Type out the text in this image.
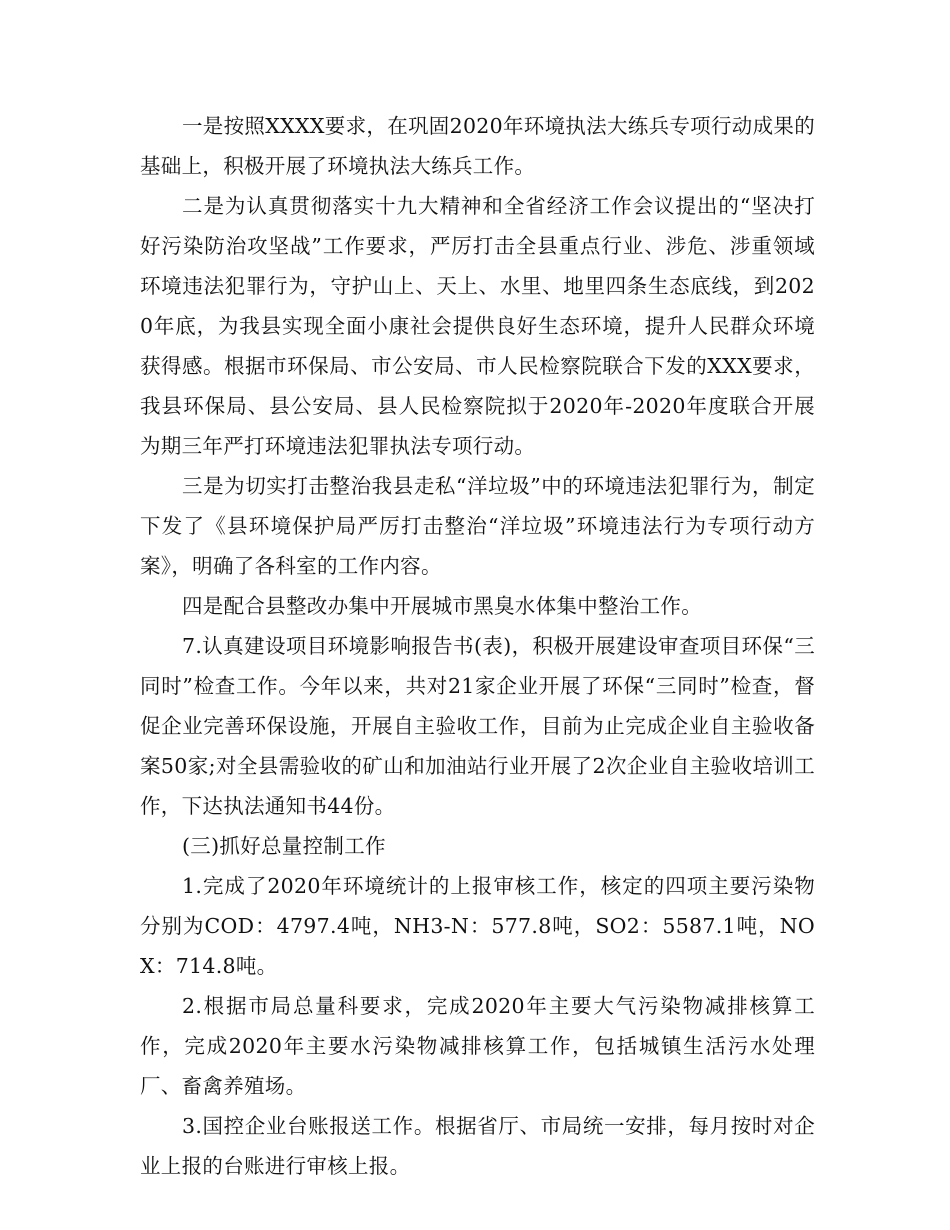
一是按照XXXX要求，在巩固2020年环境执法大练兵专项行动成果的基础上，积极开展了环境执法大练兵工作。

二是为认真贯彻落实十九大精神和全省经济工作会议提出的“坚决打好污染防治攻坚战”工作要求，严厉打击全县重点行业、涉危、涉重领域环境违法犯罪行为，守护山上、天上、水里、地里四条生态底线，到2020年底，为我县实现全面小康社会提供良好生态环境，提升人民群众环境获得感。根据市环保局、市公安局、市人民检察院联合下发的XXX要求，我县环保局、县公安局、县人民检察院拟于2020年-2020年度联合开展为期三年严打环境违法犯罪执法专项行动。

三是为切实打击整治我县走私“洋垃圾”中的环境违法犯罪行为，制定下发了《县环境保护局严厉打击整治“洋垃圾”环境违法行为专项行动方案》，明确了各科室的工作内容。

四是配合县整改办集中开展城市黑臭水体集中整治工作。

7.认真建设项目环境影响报告书(表)，积极开展建设审查项目环保“三同时”检查工作。今年以来，共对21家企业开展了环保“三同时”检查，督促企业完善环保设施，开展自主验收工作，目前为止完成企业自主验收备案50家;对全县需验收的矿山和加油站行业开展了2次企业自主验收培训工作，下达执法通知书44份。

(三)抓好总量控制工作

1.完成了2020年环境统计的上报审核工作，核定的四项主要污染物分别为COD：4797.4吨，NH3-N：577.8吨，SO2：5587.1吨，NOX：714.8吨。

2.根据市局总量科要求，完成2020年主要大气污染物减排核算工作，完成2020年主要水污染物减排核算工作，包括城镇生活污水处理厂、畜禽养殖场。

3.国控企业台账报送工作。根据省厅、市局统一安排，每月按时对企业上报的台账进行审核上报。
